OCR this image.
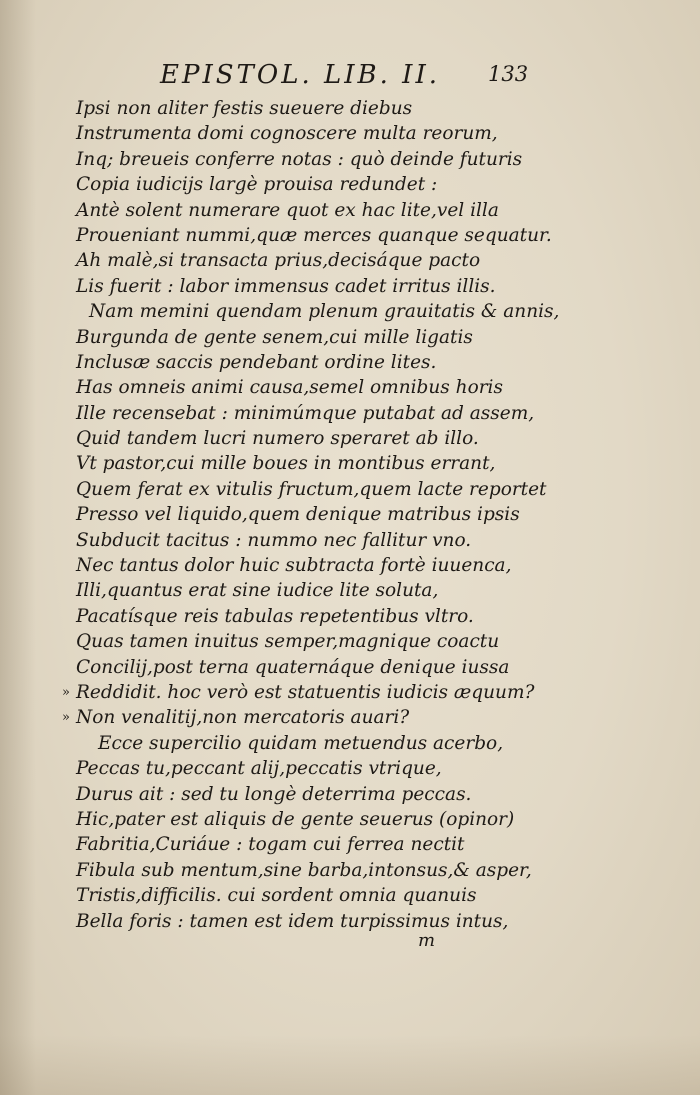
EPISTOL. LIB. II. 133
Ipsi non aliter festis sueuere diebus
Instrumenta domi cognoscere multa reorum,
Inq; breueis conferre notas : quò deinde futuris
Copia iudicijs largè prouisa redundet :
Antè solent numerare quot ex hac lite,vel illa
Proueniant nummi,quæ merces quanque sequatur.
Ah malè,si transacta prius,decisáque pacto
Lis fuerit : labor immensus cadet irritus illis.
Nam memini quendam plenum grauitatis & annis,
Burgunda de gente senem,cui mille ligatis
Inclusæ saccis pendebant ordine lites.
Has omneis animi causa,semel omnibus horis
Ille recensebat : minimúmque putabat ad assem,
Quid tandem lucri numero speraret ab illo.
Vt pastor,cui mille boues in montibus errant,
Quem ferat ex vitulis fructum,quem lacte reportet
Presso vel liquido,quem denique matribus ipsis
Subducit tacitus : nummo nec fallitur vno.
Nec tantus dolor huic subtracta fortè iuuenca,
Illi,quantus erat sine iudice lite soluta,
Pacatísque reis tabulas repetentibus vltro.
Quas tamen inuitus semper,magnique coactu
Concilij,post terna quaternáque denique iussa
» Reddidit. hoc verò est statuentis iudicis æquum?
» Non venalitij,non mercatoris auari?
Ecce supercilio quidam metuendus acerbo,
Peccas tu,peccant alij,peccatis vtrique,
Durus ait : sed tu longè deterrima peccas.
Hic,pater est aliquis de gente seuerus (opinor)
Fabritia,Curiáue : togam cui ferrea nectit
Fibula sub mentum,sine barba,intonsus,& asper,
Tristis,difficilis. cui sordent omnia quanuis
Bella foris : tamen est idem turpissimus intus,
m
